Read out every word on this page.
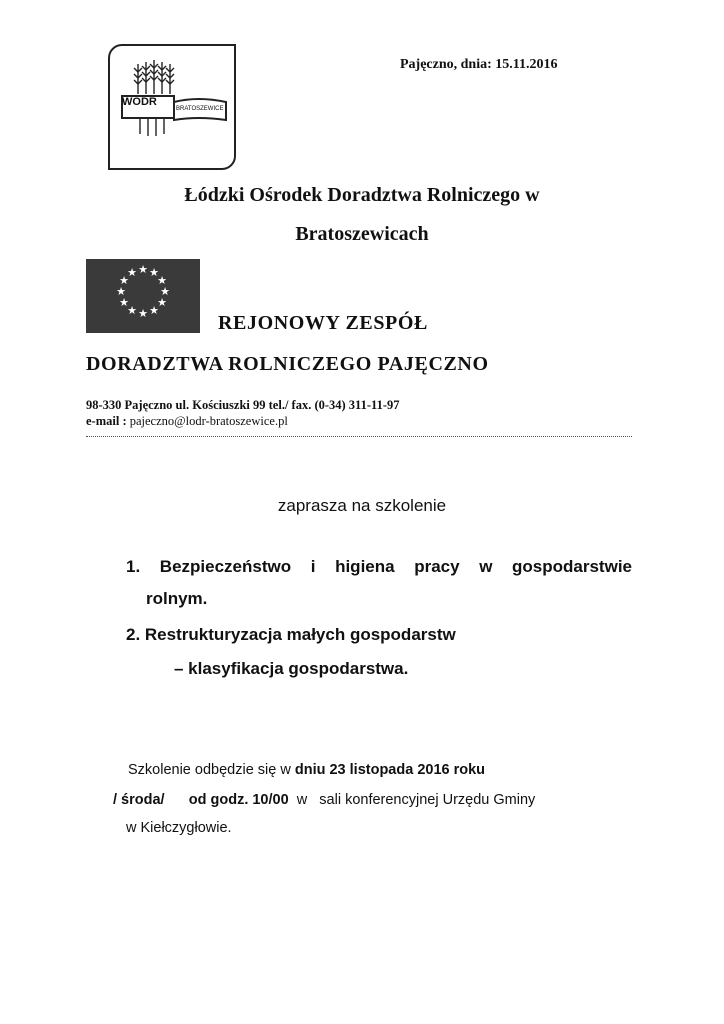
WODR
BRATOSZEWICE
Pajęczno, dnia: 15.11.2016
Łódzki Ośrodek Doradztwa Rolniczego w
Bratoszewicach
★ ★
★
★
★
★
★
★
★
★
★
★
REJONOWY ZESPÓŁ
DORADZTWA ROLNICZEGO PAJĘCZNO
98-330 Pajęczno ul. Kościuszki 99 tel./ fax. (0-34) 311-11-97
e-mail : pajeczno@lodr-bratoszewice.pl
zaprasza na szkolenie
1. Bezpieczeństwo i higiena pracy w gospodarstwie
rolnym.
2. Restrukturyzacja małych gospodarstw
– klasyfikacja gospodarstwa.
Szkolenie odbędzie się w dniu 23 listopada 2016 roku
/ środa/ od godz. 10/00  w   sali konferencyjnej Urzędu Gminy
w Kiełczygłowie.
